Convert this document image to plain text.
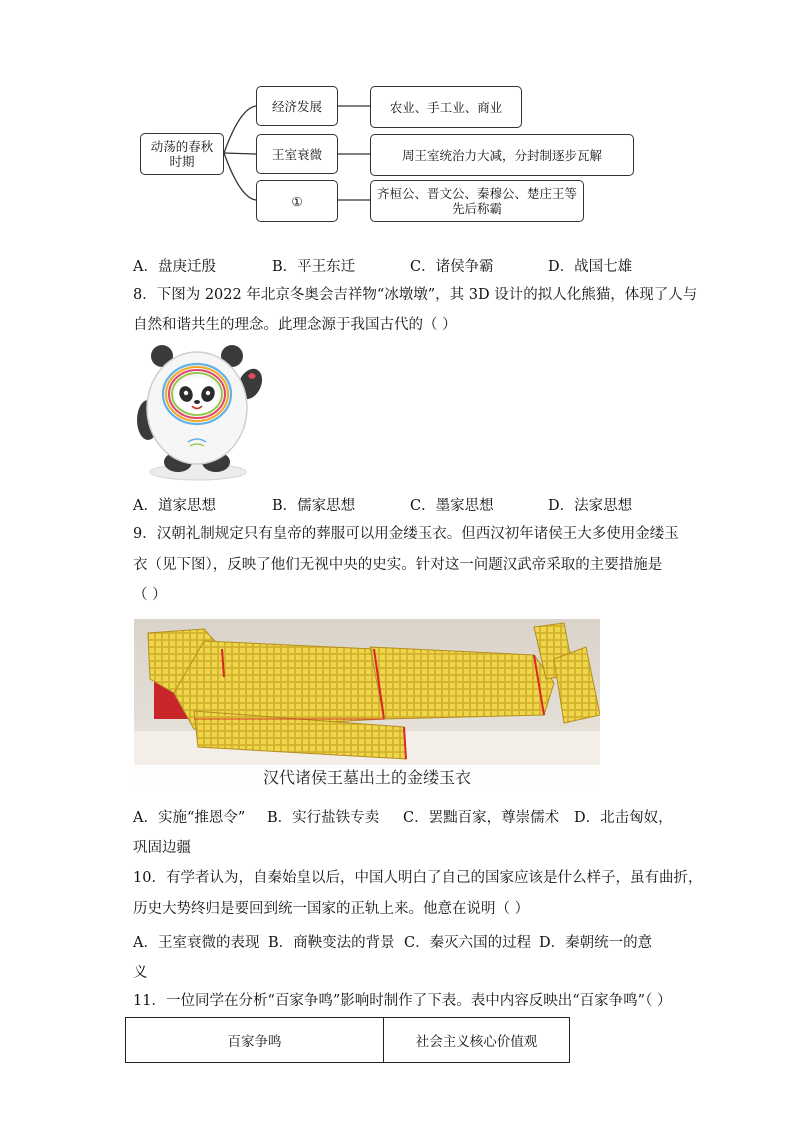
动荡的春秋时期
经济发展
王室衰微
①
农业、手工业、商业
周王室统治力大减，分封制逐步瓦解
齐桓公、晋文公、秦穆公、楚庄王等先后称霸
A．盘庚迁殷	B．平王东迁	C．诸侯争霸	D．战国七雄
8．下图为 2022 年北京冬奥会吉祥物“冰墩墩”，其 3D 设计的拟人化熊猫，体现了人与
自然和谐共生的理念。此理念源于我国古代的（ ）
A．道家思想	B．儒家思想	C．墨家思想	D．法家思想
9．汉朝礼制规定只有皇帝的葬服可以用金缕玉衣。但西汉初年诸侯王大多使用金缕玉
衣（见下图），反映了他们无视中央的史实。针对这一问题汉武帝采取的主要措施是
（ ）
汉代诸侯王墓出土的金缕玉衣
A．实施“推恩令” B．实行盐铁专卖 C．罢黜百家，尊崇儒术 D．北击匈奴，
巩固边疆
10．有学者认为，自秦始皇以后，中国人明白了自己的国家应该是什么样子，虽有曲折，
历史大势终归是要回到统一国家的正轨上来。他意在说明（ ）
A．王室衰微的表现 B．商鞅变法的背景 C．秦灭六国的过程 D．秦朝统一的意
义
11．一位同学在分析“百家争鸣”影响时制作了下表。表中内容反映出“百家争鸣”（ ）
百家争鸣	社会主义核心价值观
